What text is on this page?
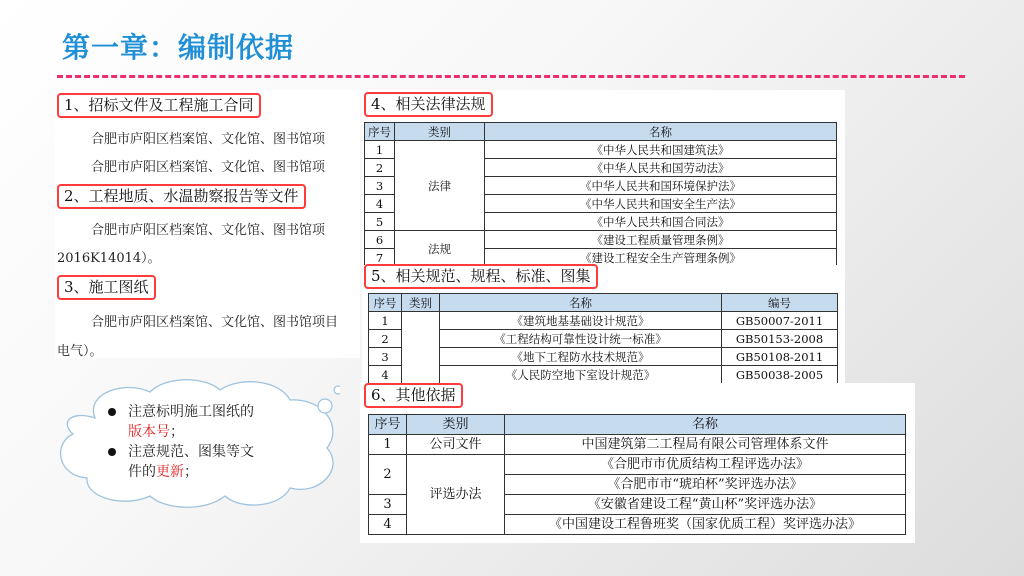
第一章：编制依据
1、招标文件及工程施工合同
合肥市庐阳区档案馆、文化馆、图书馆项
合肥市庐阳区档案馆、文化馆、图书馆项
2、工程地质、水温勘察报告等文件
合肥市庐阳区档案馆、文化馆、图书馆项
2016K14014）。
3、施工图纸
合肥市庐阳区档案馆、文化馆、图书馆项目
电气）。
注意标明施工图纸的
版本号；
注意规范、图集等文
件的更新；
4、相关法律法规
序号	类别	名称
1	法律	《中华人民共和国建筑法》
2		《中华人民共和国劳动法》
3		《中华人民共和国环境保护法》
4		《中华人民共和国安全生产法》
5		《中华人民共和国合同法》
6	法规	《建设工程质量管理条例》
7		《建设工程安全生产管理条例》
5、相关规范、规程、标准、图集
序号	类别	名称	编号
1		《建筑地基基础设计规范》	GB50007-2011
2		《工程结构可靠性设计统一标准》	GB50153-2008
3		《地下工程防水技术规范》	GB50108-2011
4		《人民防空地下室设计规范》	GB50038-2005
6、其他依据
序号	类别	名称
1	公司文件	中国建筑第二工程局有限公司管理体系文件
2	评选办法	《合肥市市优质结构工程评选办法》
		《合肥市市“琥珀杯”奖评选办法》
3		《安徽省建设工程“黄山杯”奖评选办法》
4		《中国建设工程鲁班奖（国家优质工程）奖评选办法》
